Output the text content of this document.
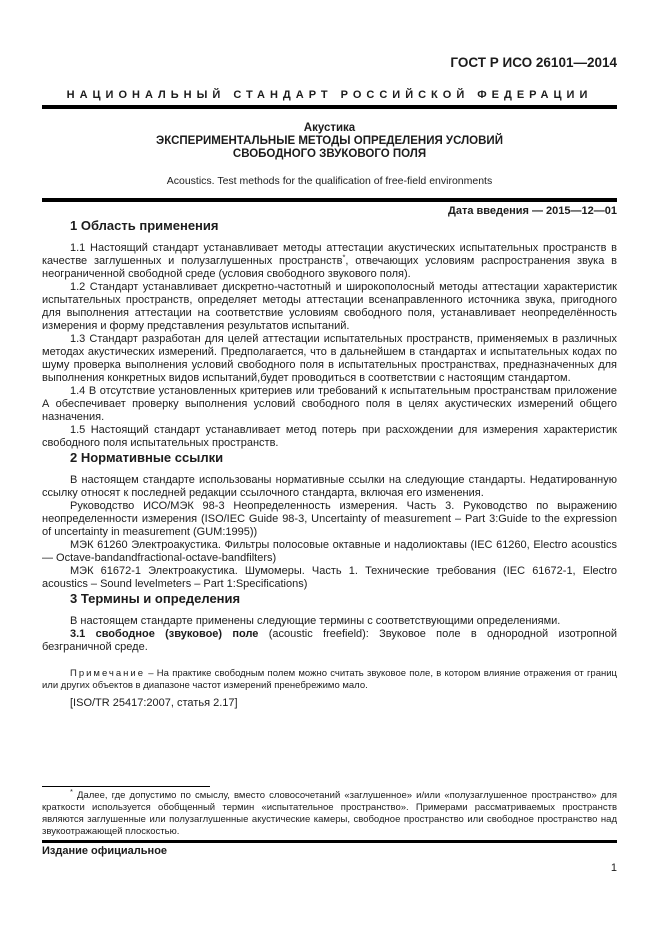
ГОСТ Р ИСО 26101—2014
НАЦИОНАЛЬНЫЙ СТАНДАРТ РОССИЙСКОЙ ФЕДЕРАЦИИ
Акустика
ЭКСПЕРИМЕНТАЛЬНЫЕ МЕТОДЫ ОПРЕДЕЛЕНИЯ УСЛОВИЙ
СВОБОДНОГО ЗВУКОВОГО ПОЛЯ
Acoustics. Test methods for the qualification of free-field environments
Дата введения — 2015—12—01
1 Область применения

1.1 Настоящий стандарт устанавливает методы аттестации акустических испытательных пространств в качестве заглушенных и полузаглушенных пространств*, отвечающих условиям распространения звука в неограниченной свободной среде (условия свободного звукового поля).

1.2 Стандарт устанавливает дискретно-частотный и широкополосный методы аттестации характеристик испытательных пространств, определяет методы аттестации всенаправленного источника звука, пригодного для выполнения аттестации на соответствие условиям свободного поля, устанавливает неопределённость измерения и форму представления результатов испытаний.

1.3 Стандарт разработан для целей аттестации испытательных пространств, применяемых в различных методах акустических измерений. Предполагается, что в дальнейшем в стандартах и испытательных кодах по шуму проверка выполнения условий свободного поля в испытательных пространствах, предназначенных для выполнения конкретных видов испытаний,будет проводиться в соответствии с настоящим стандартом.

1.4 В отсутствие установленных критериев или требований к испытательным пространствам приложение А обеспечивает проверку выполнения условий свободного поля в целях акустических измерений общего назначения.

1.5 Настоящий стандарт устанавливает метод потерь при расхождении для измерения характеристик свободного поля испытательных пространств.

2 Нормативные ссылки

В настоящем стандарте использованы нормативные ссылки на следующие стандарты. Недатированную ссылку относят к последней редакции ссылочного стандарта, включая его изменения.

Руководство ИСО/МЭК 98-3 Неопределенность измерения. Часть 3. Руководство по выражению неопределенности измерения (ISO/IEC Guide 98-3, Uncertainty of measurement – Part 3:Guide to the expression of uncertainty in measurement (GUM:1995))

МЭК 61260 Электроакустика. Фильтры полосовые октавные и надолиоктавы (IEC 61260, Electro acoustics — Octave-bandandfractional-octave-bandfilters)

МЭК 61672-1 Электроакустика. Шумомеры. Часть 1. Технические требования (IEC 61672-1, Electro acoustics – Sound levelmeters – Part 1:Specifications)

3 Термины и определения

В настоящем стандарте применены следующие термины с соответствующими определениями.

3.1 свободное (звуковое) поле (acoustic freefield): Звуковое поле в однородной изотропной безграничной среде.

Примечание – На практике свободным полем можно считать звуковое поле, в котором влияние отражения от границ или других объектов в диапазоне частот измерений пренебрежимо мало.

[ISO/TR 25417:2007, статья 2.17]

* Далее, где допустимо по смыслу, вместо словосочетаний «заглушенное» и/или «полузаглушенное пространство» для краткости используется обобщенный термин «испытательное пространство». Примерами рассматриваемых пространств являются заглушенные или полузаглушенные акустические камеры, свободное пространство или свободное пространство над звукоотражающей плоскостью.

Издание официальное
1
